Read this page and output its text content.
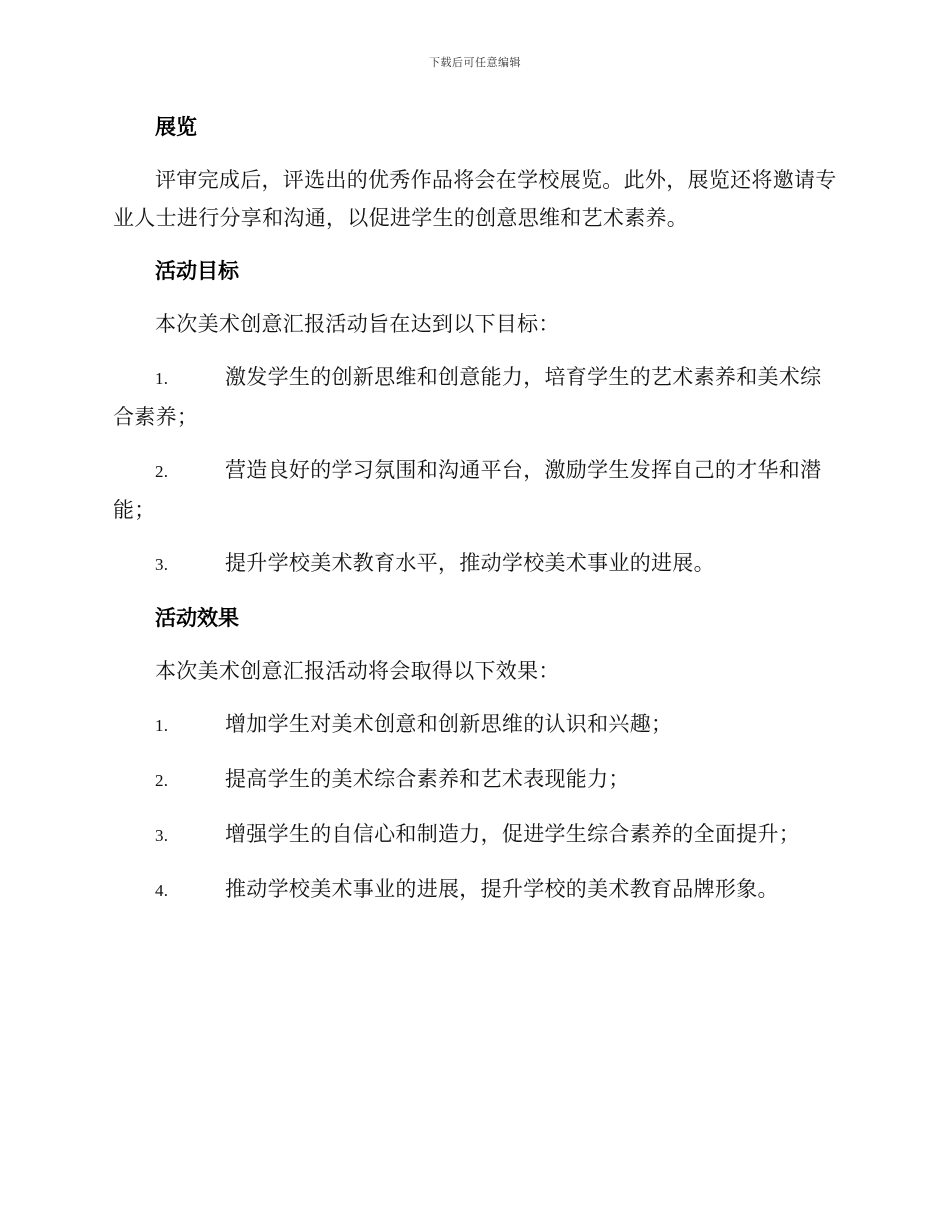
下载后可任意编辑
展览

评审完成后，评选出的优秀作品将会在学校展览。此外，展览还将邀请专业人士进行分享和沟通，以促进学生的创意思维和艺术素养。

活动目标

本次美术创意汇报活动旨在达到以下目标：

1.	激发学生的创新思维和创意能力，培育学生的艺术素养和美术综合素养；

2.	营造良好的学习氛围和沟通平台，激励学生发挥自己的才华和潜能；

3.	提升学校美术教育水平，推动学校美术事业的进展。

活动效果

本次美术创意汇报活动将会取得以下效果：

1.	增加学生对美术创意和创新思维的认识和兴趣；

2.	提高学生的美术综合素养和艺术表现能力；

3.	增强学生的自信心和制造力，促进学生综合素养的全面提升；

4.	推动学校美术事业的进展，提升学校的美术教育品牌形象。
